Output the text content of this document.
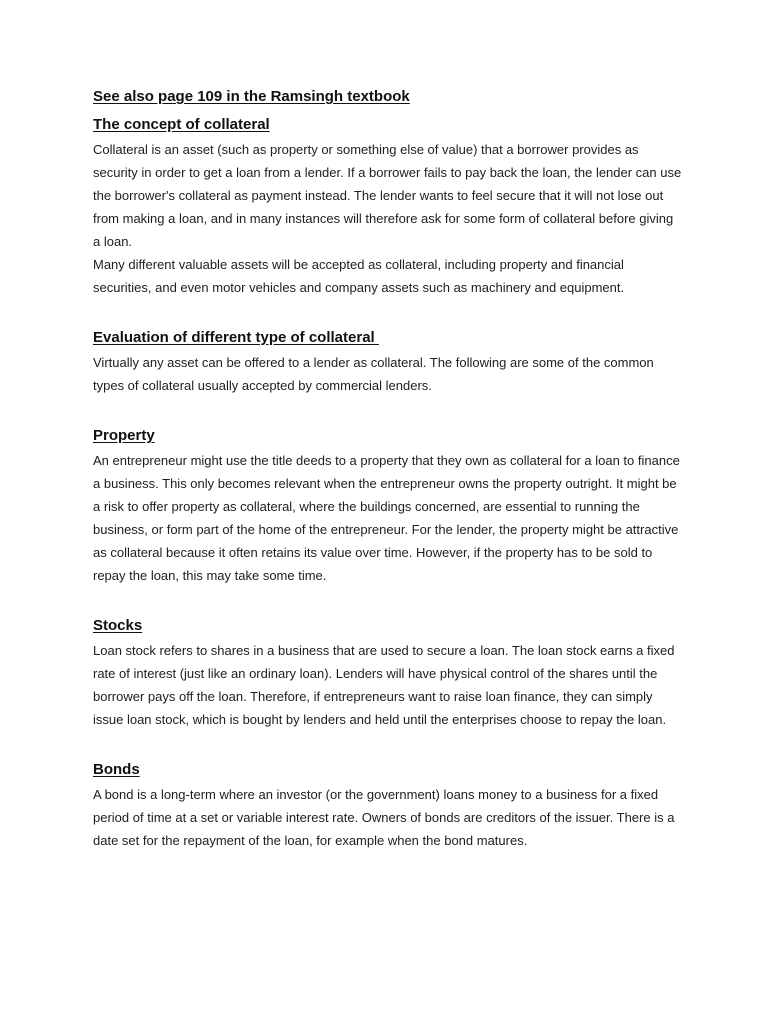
See also page 109 in the Ramsingh textbook
The concept of collateral

Collateral is an asset (such as property or something else of value) that a borrower provides as security in order to get a loan from a lender. If a borrower fails to pay back the loan, the lender can use the borrower's collateral as payment instead. The lender wants to feel secure that it will not lose out from making a loan, and in many instances will therefore ask for some form of collateral before giving a loan.

Many different valuable assets will be accepted as collateral, including property and financial securities, and even motor vehicles and company assets such as machinery and equipment.

Evaluation of different type of collateral

Virtually any asset can be offered to a lender as collateral. The following are some of the common types of collateral usually accepted by commercial lenders.

Property

An entrepreneur might use the title deeds to a property that they own as collateral for a loan to finance a business. This only becomes relevant when the entrepreneur owns the property outright. It might be a risk to offer property as collateral, where the buildings concerned, are essential to running the business, or form part of the home of the entrepreneur. For the lender, the property might be attractive as collateral because it often retains its value over time. However, if the property has to be sold to repay the loan, this may take some time.

Stocks

Loan stock refers to shares in a business that are used to secure a loan. The loan stock earns a fixed rate of interest (just like an ordinary loan). Lenders will have physical control of the shares until the borrower pays off the loan. Therefore, if entrepreneurs want to raise loan finance, they can simply issue loan stock, which is bought by lenders and held until the enterprises choose to repay the loan.

Bonds

A bond is a long-term where an investor (or the government) loans money to a business for a fixed period of time at a set or variable interest rate. Owners of bonds are creditors of the issuer. There is a date set for the repayment of the loan, for example when the bond matures.
